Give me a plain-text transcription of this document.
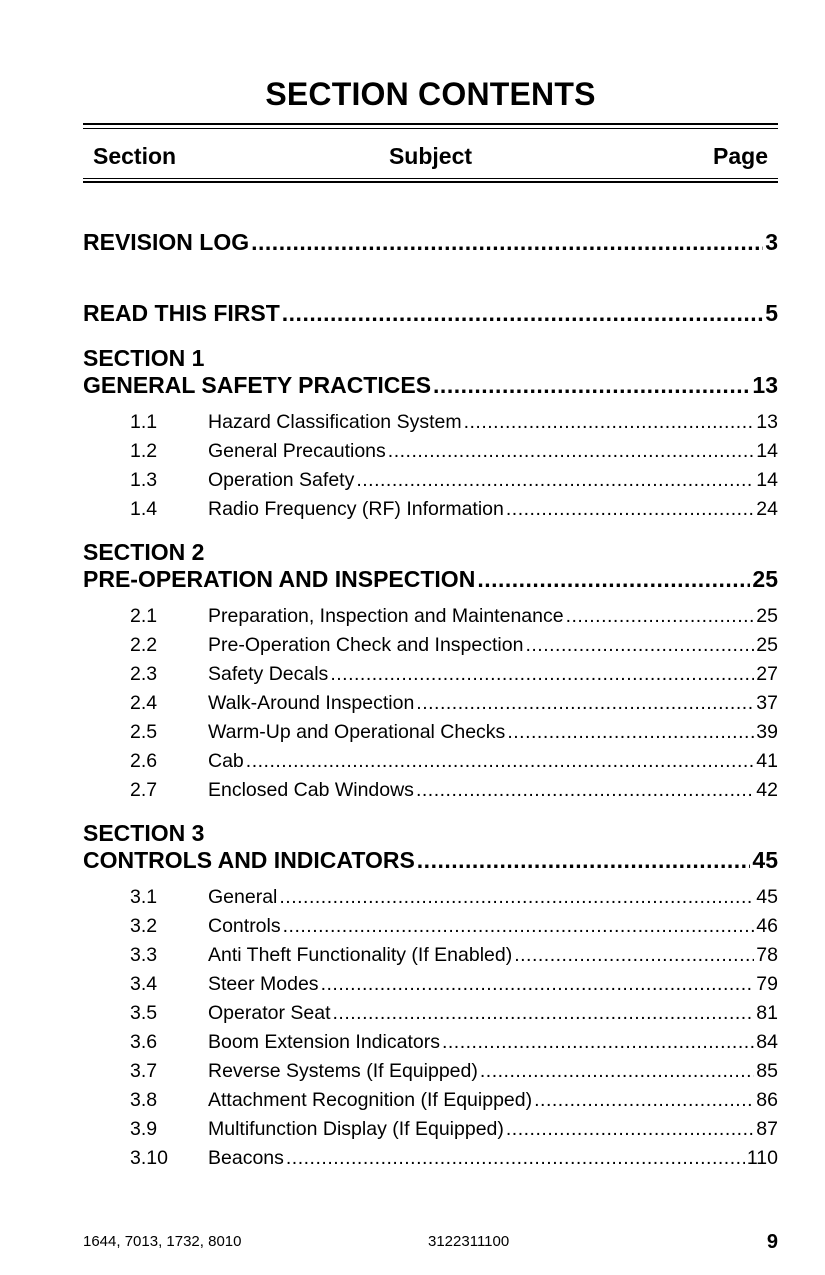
SECTION CONTENTS
Section	Subject	Page
REVISION LOG .....	3
READ THIS FIRST .....	5
SECTION 1
GENERAL SAFETY PRACTICES .....	13
1.1	Hazard Classification System .....	13
1.2	General Precautions .....	14
1.3	Operation Safety .....	14
1.4	Radio Frequency (RF) Information .....	24
SECTION 2
PRE-OPERATION AND INSPECTION .....	25
2.1	Preparation, Inspection and Maintenance .....	25
2.2	Pre-Operation Check and Inspection .....	25
2.3	Safety Decals .....	27
2.4	Walk-Around Inspection .....	37
2.5	Warm-Up and Operational Checks .....	39
2.6	Cab .....	41
2.7	Enclosed Cab Windows .....	42
SECTION 3
CONTROLS AND INDICATORS .....	45
3.1	General .....	45
3.2	Controls .....	46
3.3	Anti Theft Functionality (If Enabled) .....	78
3.4	Steer Modes .....	79
3.5	Operator Seat .....	81
3.6	Boom Extension Indicators .....	84
3.7	Reverse Systems (If Equipped) .....	85
3.8	Attachment Recognition (If Equipped) .....	86
3.9	Multifunction Display (If Equipped) .....	87
3.10	Beacons .....	110
1644, 7013, 1732, 8010	3122311100	9
